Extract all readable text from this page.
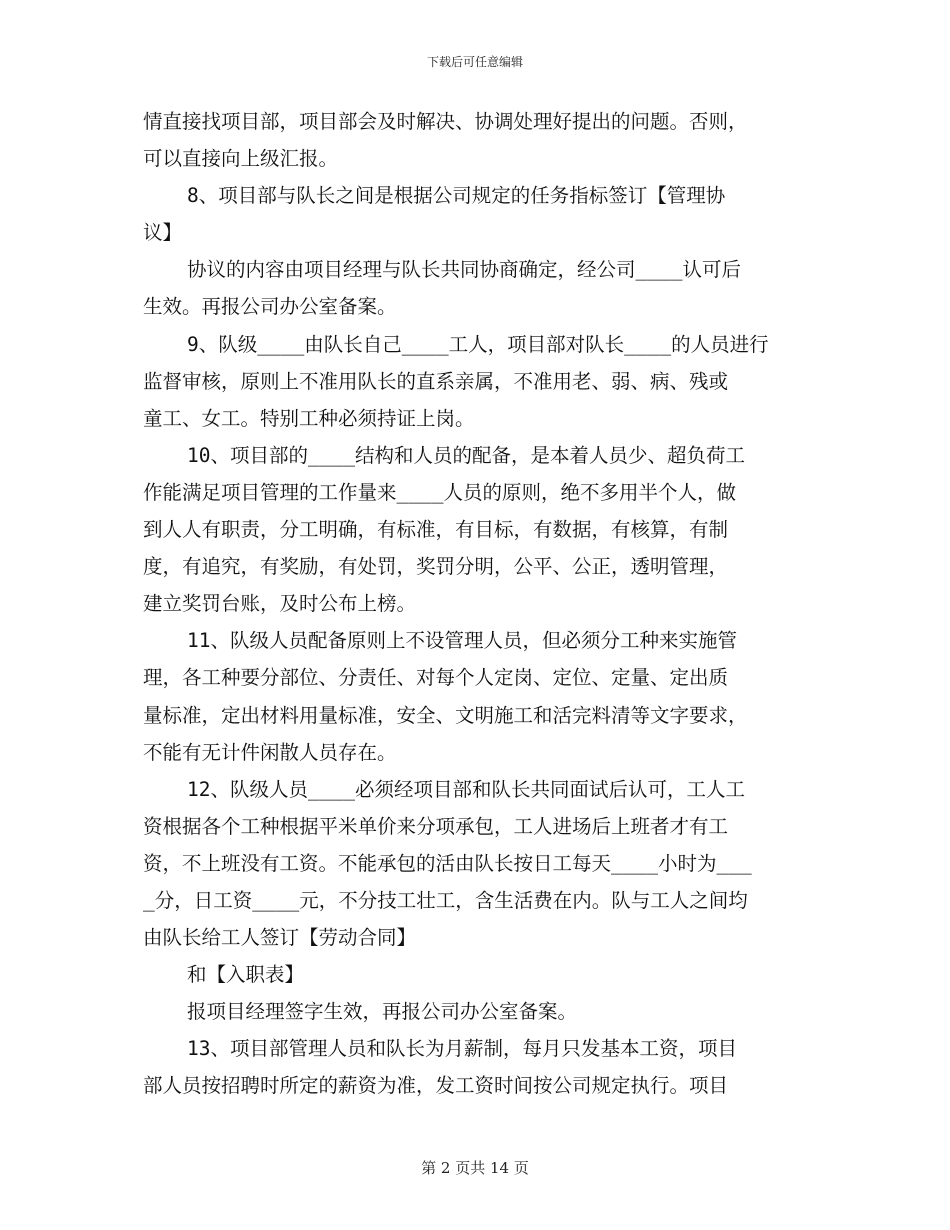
下载后可任意编辑
情直接找项目部，项目部会及时解决、协调处理好提出的问题。否则，
可以直接向上级汇报。
8、项目部与队长之间是根据公司规定的任务指标签订【管理协
议】
协议的内容由项目经理与队长共同协商确定，经公司____认可后
生效。再报公司办公室备案。
9、队级____由队长自己____工人，项目部对队长____的人员进行
监督审核，原则上不准用队长的直系亲属，不准用老、弱、病、残或
童工、女工。特别工种必须持证上岗。
10、项目部的____结构和人员的配备，是本着人员少、超负荷工
作能满足项目管理的工作量来____人员的原则，绝不多用半个人，做
到人人有职责，分工明确，有标准，有目标，有数据，有核算，有制
度，有追究，有奖励，有处罚，奖罚分明，公平、公正，透明管理，
建立奖罚台账，及时公布上榜。
11、队级人员配备原则上不设管理人员，但必须分工种来实施管
理，各工种要分部位、分责任、对每个人定岗、定位、定量、定出质
量标准，定出材料用量标准，安全、文明施工和活完料清等文字要求，
不能有无计件闲散人员存在。
12、队级人员____必须经项目部和队长共同面试后认可，工人工
资根据各个工种根据平米单价来分项承包，工人进场后上班者才有工
资，不上班没有工资。不能承包的活由队长按日工每天____小时为___
_分，日工资____元，不分技工壮工，含生活费在内。队与工人之间均
由队长给工人签订【劳动合同】
和【入职表】
报项目经理签字生效，再报公司办公室备案。
13、项目部管理人员和队长为月薪制，每月只发基本工资，项目
部人员按招聘时所定的薪资为准，发工资时间按公司规定执行。项目
第 2 页共 14 页
